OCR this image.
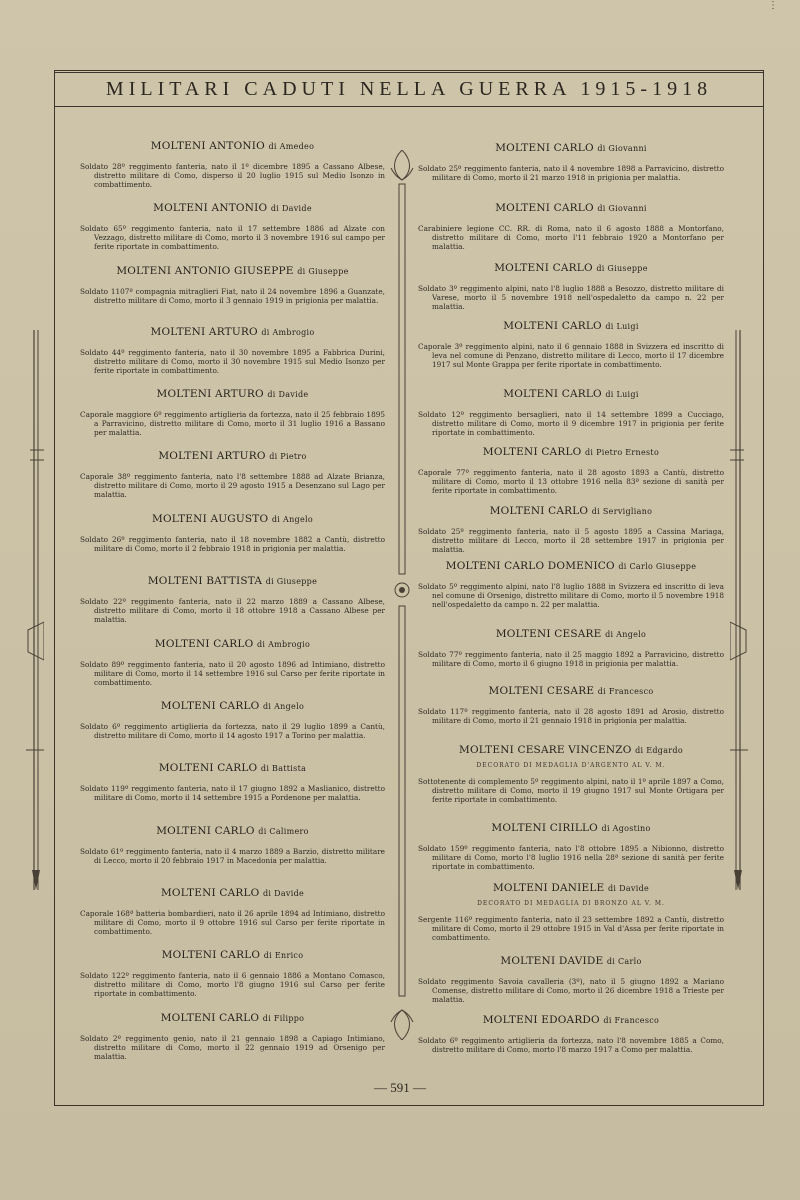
⋮
MILITARI CADUTI NELLA GUERRA 1915-1918
MOLTENI ANTONIO di Amedeo
Soldato 28º reggimento fanteria, nato il 1º dicembre 1895 a Cassano Albese, distretto militare di Como, disperso il 20 luglio 1915 sul Medio Isonzo in combattimento.
MOLTENI ANTONIO di Davide
Soldato 65º reggimento fanteria, nato il 17 settembre 1886 ad Alzate con Vezzago, distretto militare di Como, morto il 3 novembre 1916 sul campo per ferite riportate in combattimento.
MOLTENI ANTONIO GIUSEPPE di Giuseppe
Soldato 1107ª compagnia mitraglieri Fiat, nato il 24 novembre 1896 a Guanzate, distretto militare di Como, morto il 3 gennaio 1919 in prigionia per malattia.
MOLTENI ARTURO di Ambrogio
Soldato 44º reggimento fanteria, nato il 30 novembre 1895 a Fabbrica Durini, distretto militare di Como, morto il 30 novembre 1915 sul Medio Isonzo per ferite riportate in combattimento.
MOLTENI ARTURO di Davide
Caporale maggiore 6º reggimento artiglieria da fortezza, nato il 25 febbraio 1895 a Parravicino, distretto militare di Como, morto il 31 luglio 1916 a Bassano per malattia.
MOLTENI ARTURO di Pietro
Caporale 38º reggimento fanteria, nato l'8 settembre 1888 ad Alzate Brianza, distretto militare di Como, morto il 29 agosto 1915 a Desenzano sul Lago per malattia.
MOLTENI AUGUSTO di Angelo
Soldato 26º reggimento fanteria, nato il 18 novembre 1882 a Cantù, distretto militare di Como, morto il 2 febbraio 1918 in prigionia per malattia.
MOLTENI BATTISTA di Giuseppe
Soldato 22º reggimento fanteria, nato il 22 marzo 1889 a Cassano Albese, distretto militare di Como, morto il 18 ottobre 1918 a Cassano Albese per malattia.
MOLTENI CARLO di Ambrogio
Soldato 89º reggimento fanteria, nato il 20 agosto 1896 ad Intimiano, distretto militare di Como, morto il 14 settembre 1916 sul Carso per ferite riportate in combattimento.
MOLTENI CARLO di Angelo
Soldato 6º reggimento artiglieria da fortezza, nato il 29 luglio 1899 a Cantù, distretto militare di Como, morto il 14 agosto 1917 a Torino per malattia.
MOLTENI CARLO di Battista
Soldato 119º reggimento fanteria, nato il 17 giugno 1892 a Maslianico, distretto militare di Como, morto il 14 settembre 1915 a Pordenone per malattia.
MOLTENI CARLO di Calimero
Soldato 61º reggimento fanteria, nato il 4 marzo 1889 a Barzio, distretto militare di Lecco, morto il 20 febbraio 1917 in Macedonia per malattia.
MOLTENI CARLO di Davide
Caporale 168ª batteria bombardieri, nato il 26 aprile 1894 ad Intimiano, distretto militare di Como, morto il 9 ottobre 1916 sul Carso per ferite riportate in combattimento.
MOLTENI CARLO di Enrico
Soldato 122º reggimento fanteria, nato il 6 gennaio 1886 a Montano Comasco, distretto militare di Como, morto l'8 giugno 1916 sul Carso per ferite riportate in combattimento.
MOLTENI CARLO di Filippo
Soldato 2º reggimento genio, nato il 21 gennaio 1898 a Capiago Intimiano, distretto militare di Como, morto il 22 gennaio 1919 ad Orsenigo per malattia.
MOLTENI CARLO di Giovanni
Soldato 25º reggimento fanteria, nato il 4 novembre 1898 a Parravicino, distretto militare di Como, morto il 21 marzo 1918 in prigionia per malattia.
MOLTENI CARLO di Giovanni
Carabiniere legione CC. RR. di Roma, nato il 6 agosto 1888 a Montorfano, distretto militare di Como, morto l'11 febbraio 1920 a Montorfano per malattia.
MOLTENI CARLO di Giuseppe
Soldato 3º reggimento alpini, nato l'8 luglio 1888 a Besozzo, distretto militare di Varese, morto il 5 novembre 1918 nell'ospedaletto da campo n. 22 per malattia.
MOLTENI CARLO di Luigi
Caporale 3º reggimento alpini, nato il 6 gennaio 1888 in Svizzera ed inscritto di leva nel comune di Penzano, distretto militare di Lecco, morto il 17 dicembre 1917 sul Monte Grappa per ferite riportate in combattimento.
MOLTENI CARLO di Luigi
Soldato 12º reggimento bersaglieri, nato il 14 settembre 1899 a Cucciago, distretto militare di Como, morto il 9 dicembre 1917 in prigionia per ferite riportate in combattimento.
MOLTENI CARLO di Pietro Ernesto
Caporale 77º reggimento fanteria, nato il 28 agosto 1893 a Cantù, distretto militare di Como, morto il 13 ottobre 1916 nella 83ª sezione di sanità per ferite riportate in combattimento.
MOLTENI CARLO di Servigliano
Soldato 25º reggimento fanteria, nato il 5 agosto 1895 a Cassina Mariaga, distretto militare di Lecco, morto il 28 settembre 1917 in prigionia per malattia.
MOLTENI CARLO DOMENICO di Carlo Giuseppe
Soldato 5º reggimento alpini, nato l'8 luglio 1888 in Svizzera ed inscritto di leva nel comune di Orsenigo, distretto militare di Como, morto il 5 novembre 1918 nell'ospedaletto da campo n. 22 per malattia.
MOLTENI CESARE di Angelo
Soldato 77º reggimento fanteria, nato il 25 maggio 1892 a Parravicino, distretto militare di Como, morto il 6 giugno 1918 in prigionia per malattia.
MOLTENI CESARE di Francesco
Soldato 117º reggimento fanteria, nato il 28 agosto 1891 ad Arosio, distretto militare di Como, morto il 21 gennaio 1918 in prigionia per malattia.
MOLTENI CESARE VINCENZO di Edgardo
DECORATO DI MEDAGLIA D'ARGENTO AL V. M.
Sottotenente di complemento 5º reggimento alpini, nato il 1º aprile 1897 a Como, distretto militare di Como, morto il 19 giugno 1917 sul Monte Ortigara per ferite riportate in combattimento.
MOLTENI CIRILLO di Agostino
Soldato 159º reggimento fanteria, nato l'8 ottobre 1895 a Nibionno, distretto militare di Como, morto l'8 luglio 1916 nella 28ª sezione di sanità per ferite riportate in combattimento.
MOLTENI DANIELE di Davide
DECORATO DI MEDAGLIA DI BRONZO AL V. M.
Sergente 116º reggimento fanteria, nato il 23 settembre 1892 a Cantù, distretto militare di Como, morto il 29 ottobre 1915 in Val d'Assa per ferite riportate in combattimento.
MOLTENI DAVIDE di Carlo
Soldato reggimento Savoia cavalleria (3º), nato il 5 giugno 1892 a Mariano Comense, distretto militare di Como, morto il 26 dicembre 1918 a Trieste per malattia.
MOLTENI EDOARDO di Francesco
Soldato 6º reggimento artiglieria da fortezza, nato l'8 novembre 1885 a Como, distretto militare di Como, morto l'8 marzo 1917 a Como per malattia.
— 591 —
